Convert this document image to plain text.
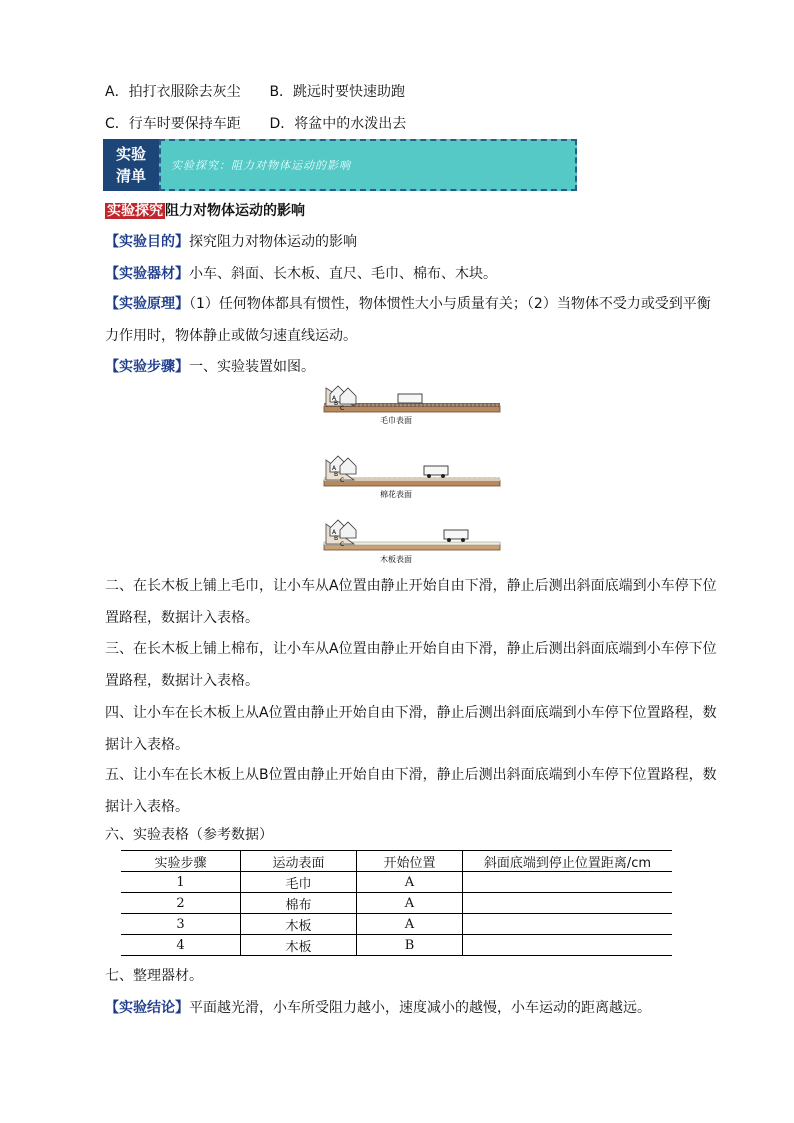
A．拍打衣服除去灰尘 B．跳远时要快速助跑
C．行车时要保持车距 D．将盆中的水泼出去
实验
清单
实验探究：阻力对物体运动的影响
实验探究 阻力对物体运动的影响
【实验目的】探究阻力对物体运动的影响
【实验器材】小车、斜面、长木板、直尺、毛巾、棉布、木块。
【实验原理】（1）任何物体都具有惯性，物体惯性大小与质量有关；（2）当物体不受力或受到平衡力作用时，物体静止或做匀速直线运动。
【实验步骤】一、实验装置如图。
毛巾表面
A
B
C
棉花表面
A
B
C
木板表面
A
B
C
二、在长木板上铺上毛巾，让小车从A位置由静止开始自由下滑，静止后测出斜面底端到小车停下位置路程，数据计入表格。
三、在长木板上铺上棉布，让小车从A位置由静止开始自由下滑，静止后测出斜面底端到小车停下位置路程，数据计入表格。
四、让小车在长木板上从A位置由静止开始自由下滑，静止后测出斜面底端到小车停下位置路程，数据计入表格。
五、让小车在长木板上从B位置由静止开始自由下滑，静止后测出斜面底端到小车停下位置路程，数据计入表格。
六、实验表格（参考数据）
实验步骤	运动表面	开始位置	斜面底端到停止位置距离/cm
1	毛巾	A	
2	棉布	A	
3	木板	A	
4	木板	B	
七、整理器材。
【实验结论】平面越光滑，小车所受阻力越小，速度减小的越慢，小车运动的距离越远。
